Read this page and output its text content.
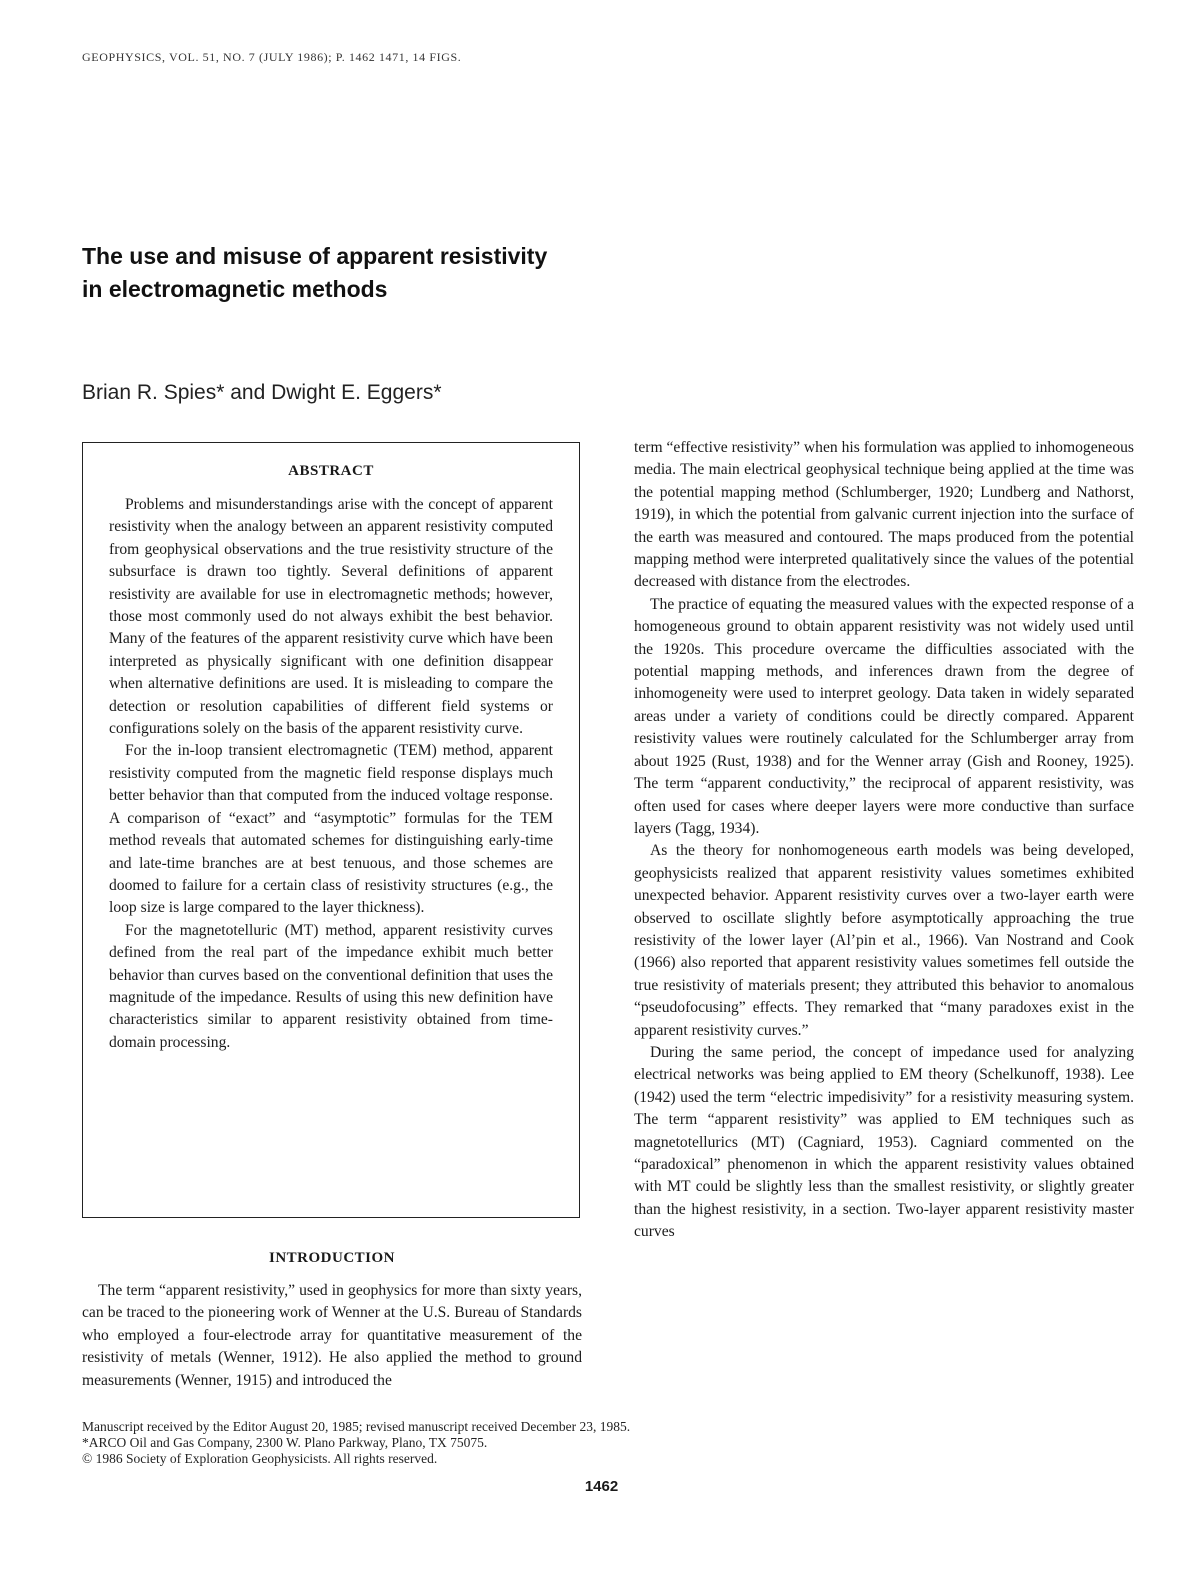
GEOPHYSICS, VOL. 51, NO. 7 (JULY 1986); P. 1462 1471, 14 FIGS.
The use and misuse of apparent resistivity
in electromagnetic methods
Brian R. Spies* and Dwight E. Eggers*
ABSTRACT

Problems and misunderstandings arise with the concept of apparent resistivity when the analogy between an apparent resistivity computed from geophysical observations and the true resistivity structure of the subsurface is drawn too tightly. Several definitions of apparent resistivity are available for use in electromagnetic methods; however, those most commonly used do not always exhibit the best behavior. Many of the features of the apparent resistivity curve which have been interpreted as physically significant with one definition disappear when alternative definitions are used. It is misleading to compare the detection or resolution capabilities of different field systems or configurations solely on the basis of the apparent resistivity curve.

For the in-loop transient electromagnetic (TEM) method, apparent resistivity computed from the magnetic field response displays much better behavior than that computed from the induced voltage response. A comparison of “exact” and “asymptotic” formulas for the TEM method reveals that automated schemes for distinguishing early-time and late-time branches are at best tenuous, and those schemes are doomed to failure for a certain class of resistivity structures (e.g., the loop size is large compared to the layer thickness).

For the magnetotelluric (MT) method, apparent resistivity curves defined from the real part of the impedance exhibit much better behavior than curves based on the conventional definition that uses the magnitude of the impedance. Results of using this new definition have characteristics similar to apparent resistivity obtained from time-domain processing.

INTRODUCTION

The term “apparent resistivity,” used in geophysics for more than sixty years, can be traced to the pioneering work of Wenner at the U.S. Bureau of Standards who employed a four-electrode array for quantitative measurement of the resistivity of metals (Wenner, 1912). He also applied the method to ground measurements (Wenner, 1915) and introduced the

term “effective resistivity” when his formulation was applied to inhomogeneous media. The main electrical geophysical technique being applied at the time was the potential mapping method (Schlumberger, 1920; Lundberg and Nathorst, 1919), in which the potential from galvanic current injection into the surface of the earth was measured and contoured. The maps produced from the potential mapping method were interpreted qualitatively since the values of the potential decreased with distance from the electrodes.

The practice of equating the measured values with the expected response of a homogeneous ground to obtain apparent resistivity was not widely used until the 1920s. This procedure overcame the difficulties associated with the potential mapping methods, and inferences drawn from the degree of inhomogeneity were used to interpret geology. Data taken in widely separated areas under a variety of conditions could be directly compared. Apparent resistivity values were routinely calculated for the Schlumberger array from about 1925 (Rust, 1938) and for the Wenner array (Gish and Rooney, 1925). The term “apparent conductivity,” the reciprocal of apparent resistivity, was often used for cases where deeper layers were more conductive than surface layers (Tagg, 1934).

As the theory for nonhomogeneous earth models was being developed, geophysicists realized that apparent resistivity values sometimes exhibited unexpected behavior. Apparent resistivity curves over a two-layer earth were observed to oscillate slightly before asymptotically approaching the true resistivity of the lower layer (Al’pin et al., 1966). Van Nostrand and Cook (1966) also reported that apparent resistivity values sometimes fell outside the true resistivity of materials present; they attributed this behavior to anomalous “pseudofocusing” effects. They remarked that “many paradoxes exist in the apparent resistivity curves.”

During the same period, the concept of impedance used for analyzing electrical networks was being applied to EM theory (Schelkunoff, 1938). Lee (1942) used the term “electric impedisivity” for a resistivity measuring system. The term “apparent resistivity” was applied to EM techniques such as magnetotellurics (MT) (Cagniard, 1953). Cagniard commented on the “paradoxical” phenomenon in which the apparent resistivity values obtained with MT could be slightly less than the smallest resistivity, or slightly greater than the highest resistivity, in a section. Two-layer apparent resistivity master curves

Manuscript received by the Editor August 20, 1985; revised manuscript received December 23, 1985.
*ARCO Oil and Gas Company, 2300 W. Plano Parkway, Plano, TX 75075.
© 1986 Society of Exploration Geophysicists. All rights reserved.
1462
